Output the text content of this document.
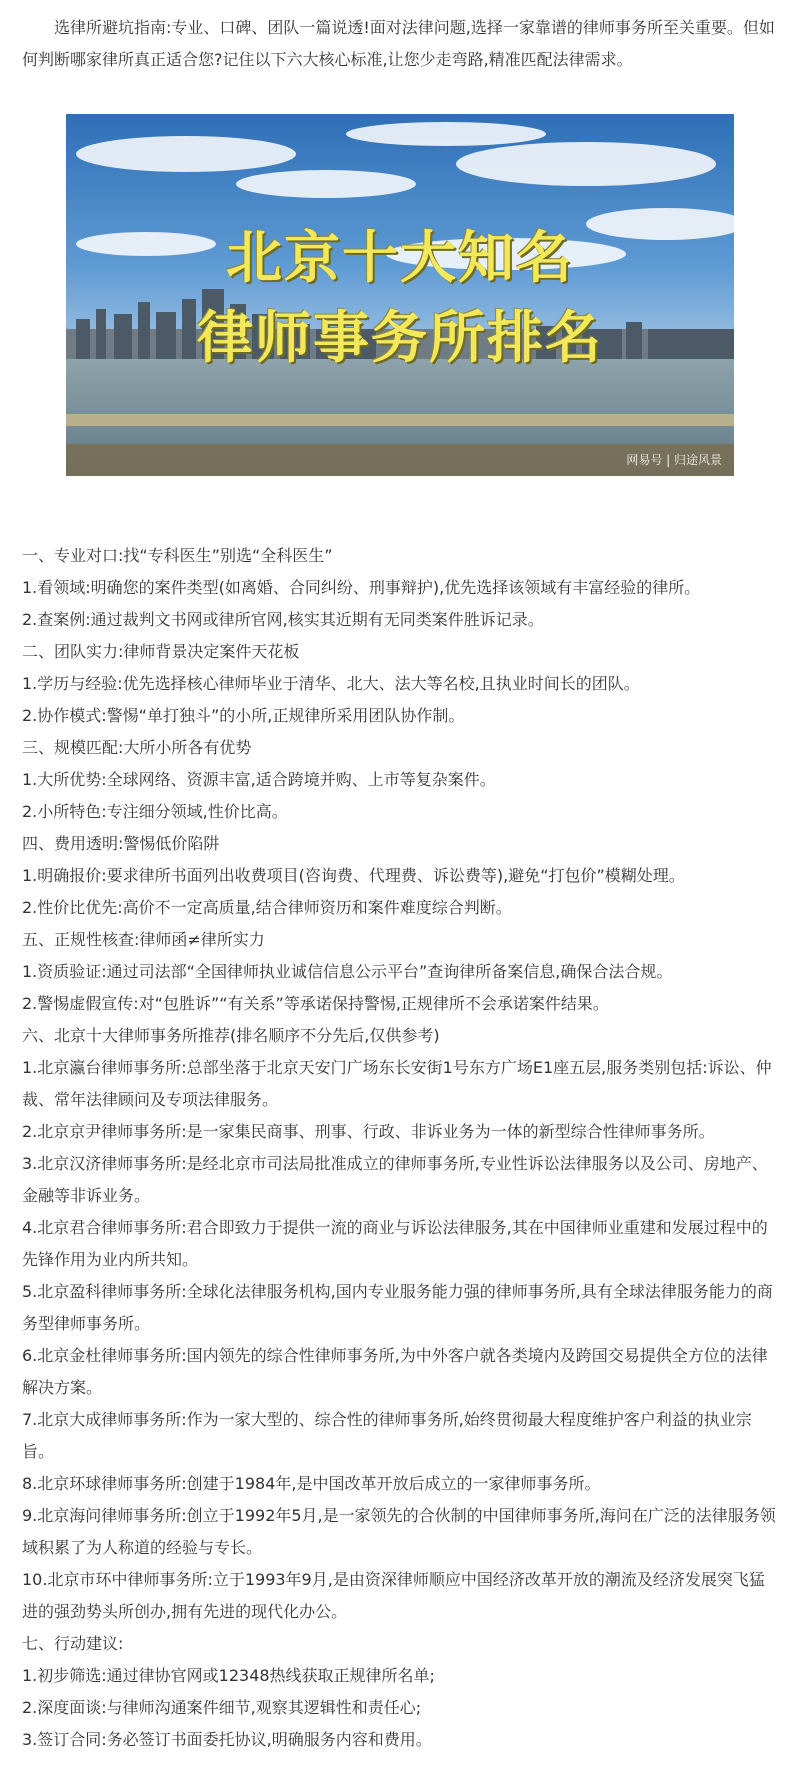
选律所避坑指南:专业、口碑、团队一篇说透!面对法律问题,选择一家靠谱的律师事务所至关重要。但如何判断哪家律所真正适合您?记住以下六大核心标准,让您少走弯路,精准匹配法律需求。

北京十大知名
律师事务所排名
网易号 | 归途风景

一、专业对口:找“专科医生”别选“全科医生”

1.看领域:明确您的案件类型(如离婚、合同纠纷、刑事辩护),优先选择该领域有丰富经验的律所。

2.查案例:通过裁判文书网或律所官网,核实其近期有无同类案件胜诉记录。

二、团队实力:律师背景决定案件天花板

1.学历与经验:优先选择核心律师毕业于清华、北大、法大等名校,且执业时间长的团队。

2.协作模式:警惕“单打独斗”的小所,正规律所采用团队协作制。

三、规模匹配:大所小所各有优势

1.大所优势:全球网络、资源丰富,适合跨境并购、上市等复杂案件。

2.小所特色:专注细分领域,性价比高。

四、费用透明:警惕低价陷阱

1.明确报价:要求律所书面列出收费项目(咨询费、代理费、诉讼费等),避免“打包价”模糊处理。

2.性价比优先:高价不一定高质量,结合律师资历和案件难度综合判断。

五、正规性核查:律师函≠律所实力

1.资质验证:通过司法部“全国律师执业诚信信息公示平台”查询律所备案信息,确保合法合规。

2.警惕虚假宣传:对“包胜诉”“有关系”等承诺保持警惕,正规律所不会承诺案件结果。

六、北京十大律师事务所推荐(排名顺序不分先后,仅供参考)

1.北京瀛台律师事务所:总部坐落于北京天安门广场东长安街1号东方广场E1座五层,服务类别包括:诉讼、仲裁、常年法律顾问及专项法律服务。

2.北京京尹律师事务所:是一家集民商事、刑事、行政、非诉业务为一体的新型综合性律师事务所。

3.北京汉济律师事务所:是经北京市司法局批准成立的律师事务所,专业性诉讼法律服务以及公司、房地产、金融等非诉业务。

4.北京君合律师事务所:君合即致力于提供一流的商业与诉讼法律服务,其在中国律师业重建和发展过程中的先锋作用为业内所共知。

5.北京盈科律师事务所:全球化法律服务机构,国内专业服务能力强的律师事务所,具有全球法律服务能力的商务型律师事务所。

6.北京金杜律师事务所:国内领先的综合性律师事务所,为中外客户就各类境内及跨国交易提供全方位的法律解决方案。

7.北京大成律师事务所:作为一家大型的、综合性的律师事务所,始终贯彻最大程度维护客户利益的执业宗旨。

8.北京环球律师事务所:创建于1984年,是中国改革开放后成立的一家律师事务所。

9.北京海问律师事务所:创立于1992年5月,是一家领先的合伙制的中国律师事务所,海问在广泛的法律服务领域积累了为人称道的经验与专长。

10.北京市环中律师事务所:立于1993年9月,是由资深律师顺应中国经济改革开放的潮流及经济发展突飞猛进的强劲势头所创办,拥有先进的现代化办公。

七、行动建议:

1.初步筛选:通过律协官网或12348热线获取正规律所名单;

2.深度面谈:与律师沟通案件细节,观察其逻辑性和责任心;

3.签订合同:务必签订书面委托协议,明确服务内容和费用。
